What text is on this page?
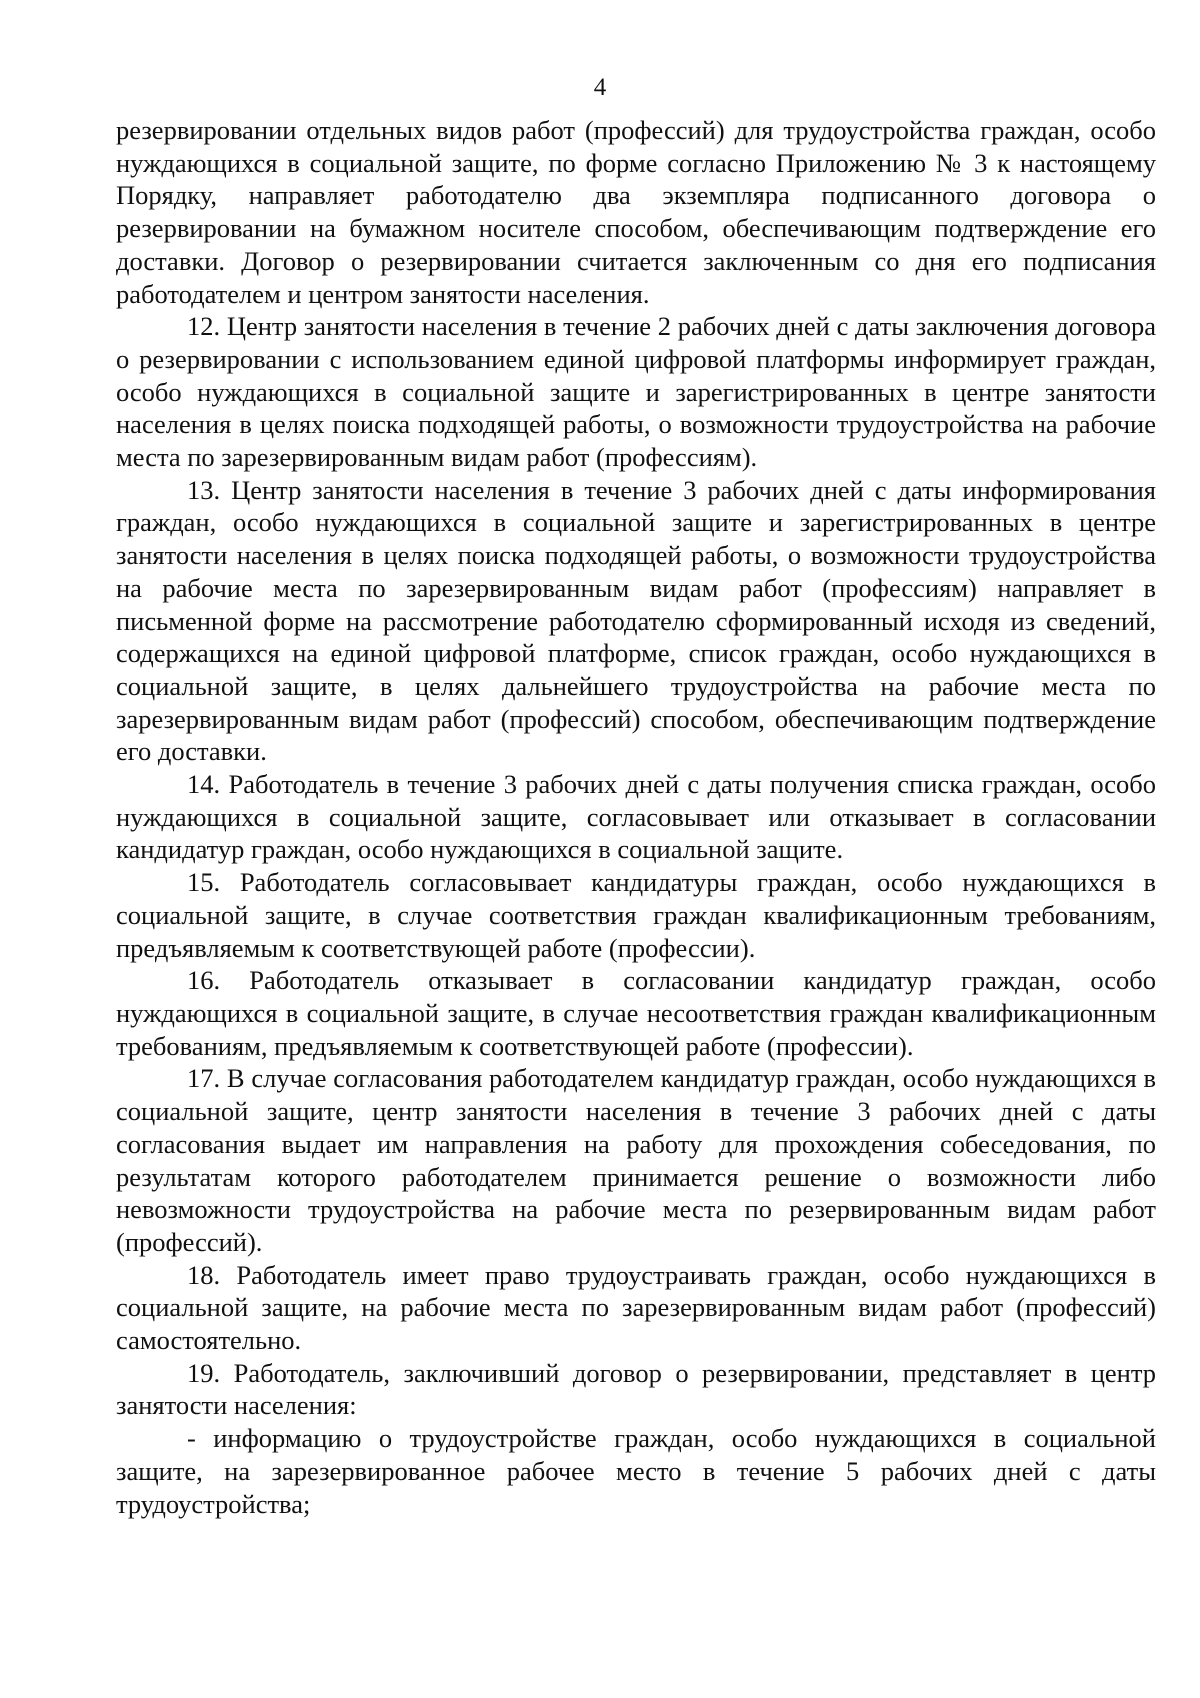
4

резервировании отдельных видов работ (профессий) для трудоустройства граждан, особо нуждающихся в социальной защите, по форме согласно Приложению № 3 к настоящему Порядку, направляет работодателю два экземпляра подписанного договора о резервировании на бумажном носителе способом, обеспечивающим подтверждение его доставки. Договор о резервировании считается заключенным со дня его подписания работодателем и центром занятости населения.

12. Центр занятости населения в течение 2 рабочих дней с даты заключения договора о резервировании с использованием единой цифровой платформы информирует граждан, особо нуждающихся в социальной защите и зарегистрированных в центре занятости населения в целях поиска подходящей работы, о возможности трудоустройства на рабочие места по зарезервированным видам работ (профессиям).

13. Центр занятости населения в течение 3 рабочих дней с даты информирования граждан, особо нуждающихся в социальной защите и зарегистрированных в центре занятости населения в целях поиска подходящей работы, о возможности трудоустройства на рабочие места по зарезервированным видам работ (профессиям) направляет в письменной форме на рассмотрение работодателю сформированный исходя из сведений, содержащихся на единой цифровой платформе, список граждан, особо нуждающихся в социальной защите, в целях дальнейшего трудоустройства на рабочие места по зарезервированным видам работ (профессий) способом, обеспечивающим подтверждение его доставки.

14. Работодатель в течение 3 рабочих дней с даты получения списка граждан, особо нуждающихся в социальной защите, согласовывает или отказывает в согласовании кандидатур граждан, особо нуждающихся в социальной защите.

15. Работодатель согласовывает кандидатуры граждан, особо нуждающихся в социальной защите, в случае соответствия граждан квалификационным требованиям, предъявляемым к соответствующей работе (профессии).

16. Работодатель отказывает в согласовании кандидатур граждан, особо нуждающихся в социальной защите, в случае несоответствия граждан квалификационным требованиям, предъявляемым к соответствующей работе (профессии).

17. В случае согласования работодателем кандидатур граждан, особо нуждающихся в социальной защите, центр занятости населения в течение 3 рабочих дней с даты согласования выдает им направления на работу для прохождения собеседования, по результатам которого работодателем принимается решение о возможности либо невозможности трудоустройства на рабочие места по резервированным видам работ (профессий).

18. Работодатель имеет право трудоустраивать граждан, особо нуждающихся в социальной защите, на рабочие места по зарезервированным видам работ (профессий) самостоятельно.

19. Работодатель, заключивший договор о резервировании, представляет в центр занятости населения:

- информацию о трудоустройстве граждан, особо нуждающихся в социальной защите, на зарезервированное рабочее место в течение 5 рабочих дней с даты трудоустройства;
